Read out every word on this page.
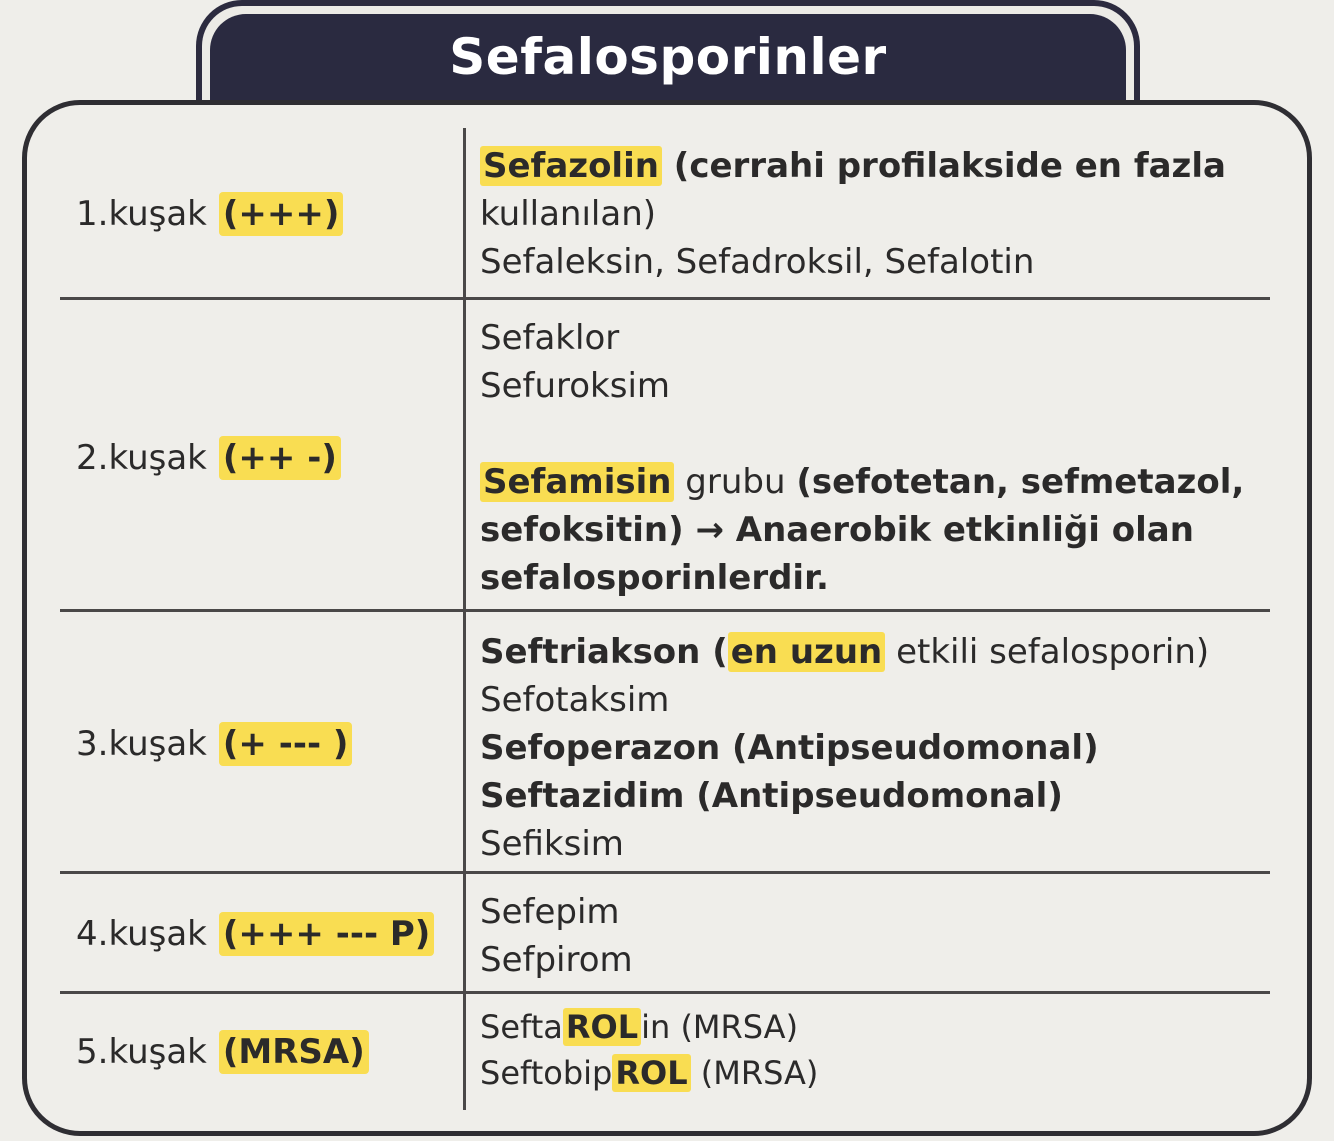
Sefalosporinler
1.kuşak (+++)
Sefazolin (cerrahi profilakside en fazla
kullanılan)
Sefaleksin, Sefadroksil, Sefalotin
2.kuşak (++ -)
Sefaklor
Sefuroksim
Sefamisin grubu (sefotetan, sefmetazol,
sefoksitin) → Anaerobik etkinliği olan
sefalosporinlerdir.
3.kuşak (+ --- )
Seftriakson (en uzun etkili sefalosporin)
Sefotaksim
Sefoperazon (Antipseudomonal)
Seftazidim (Antipseudomonal)
Sefiksim
4.kuşak (+++ --- P)
Sefepim
Sefpirom
5.kuşak (MRSA)
SeftaROLin (MRSA)
SeftobipROL (MRSA)
